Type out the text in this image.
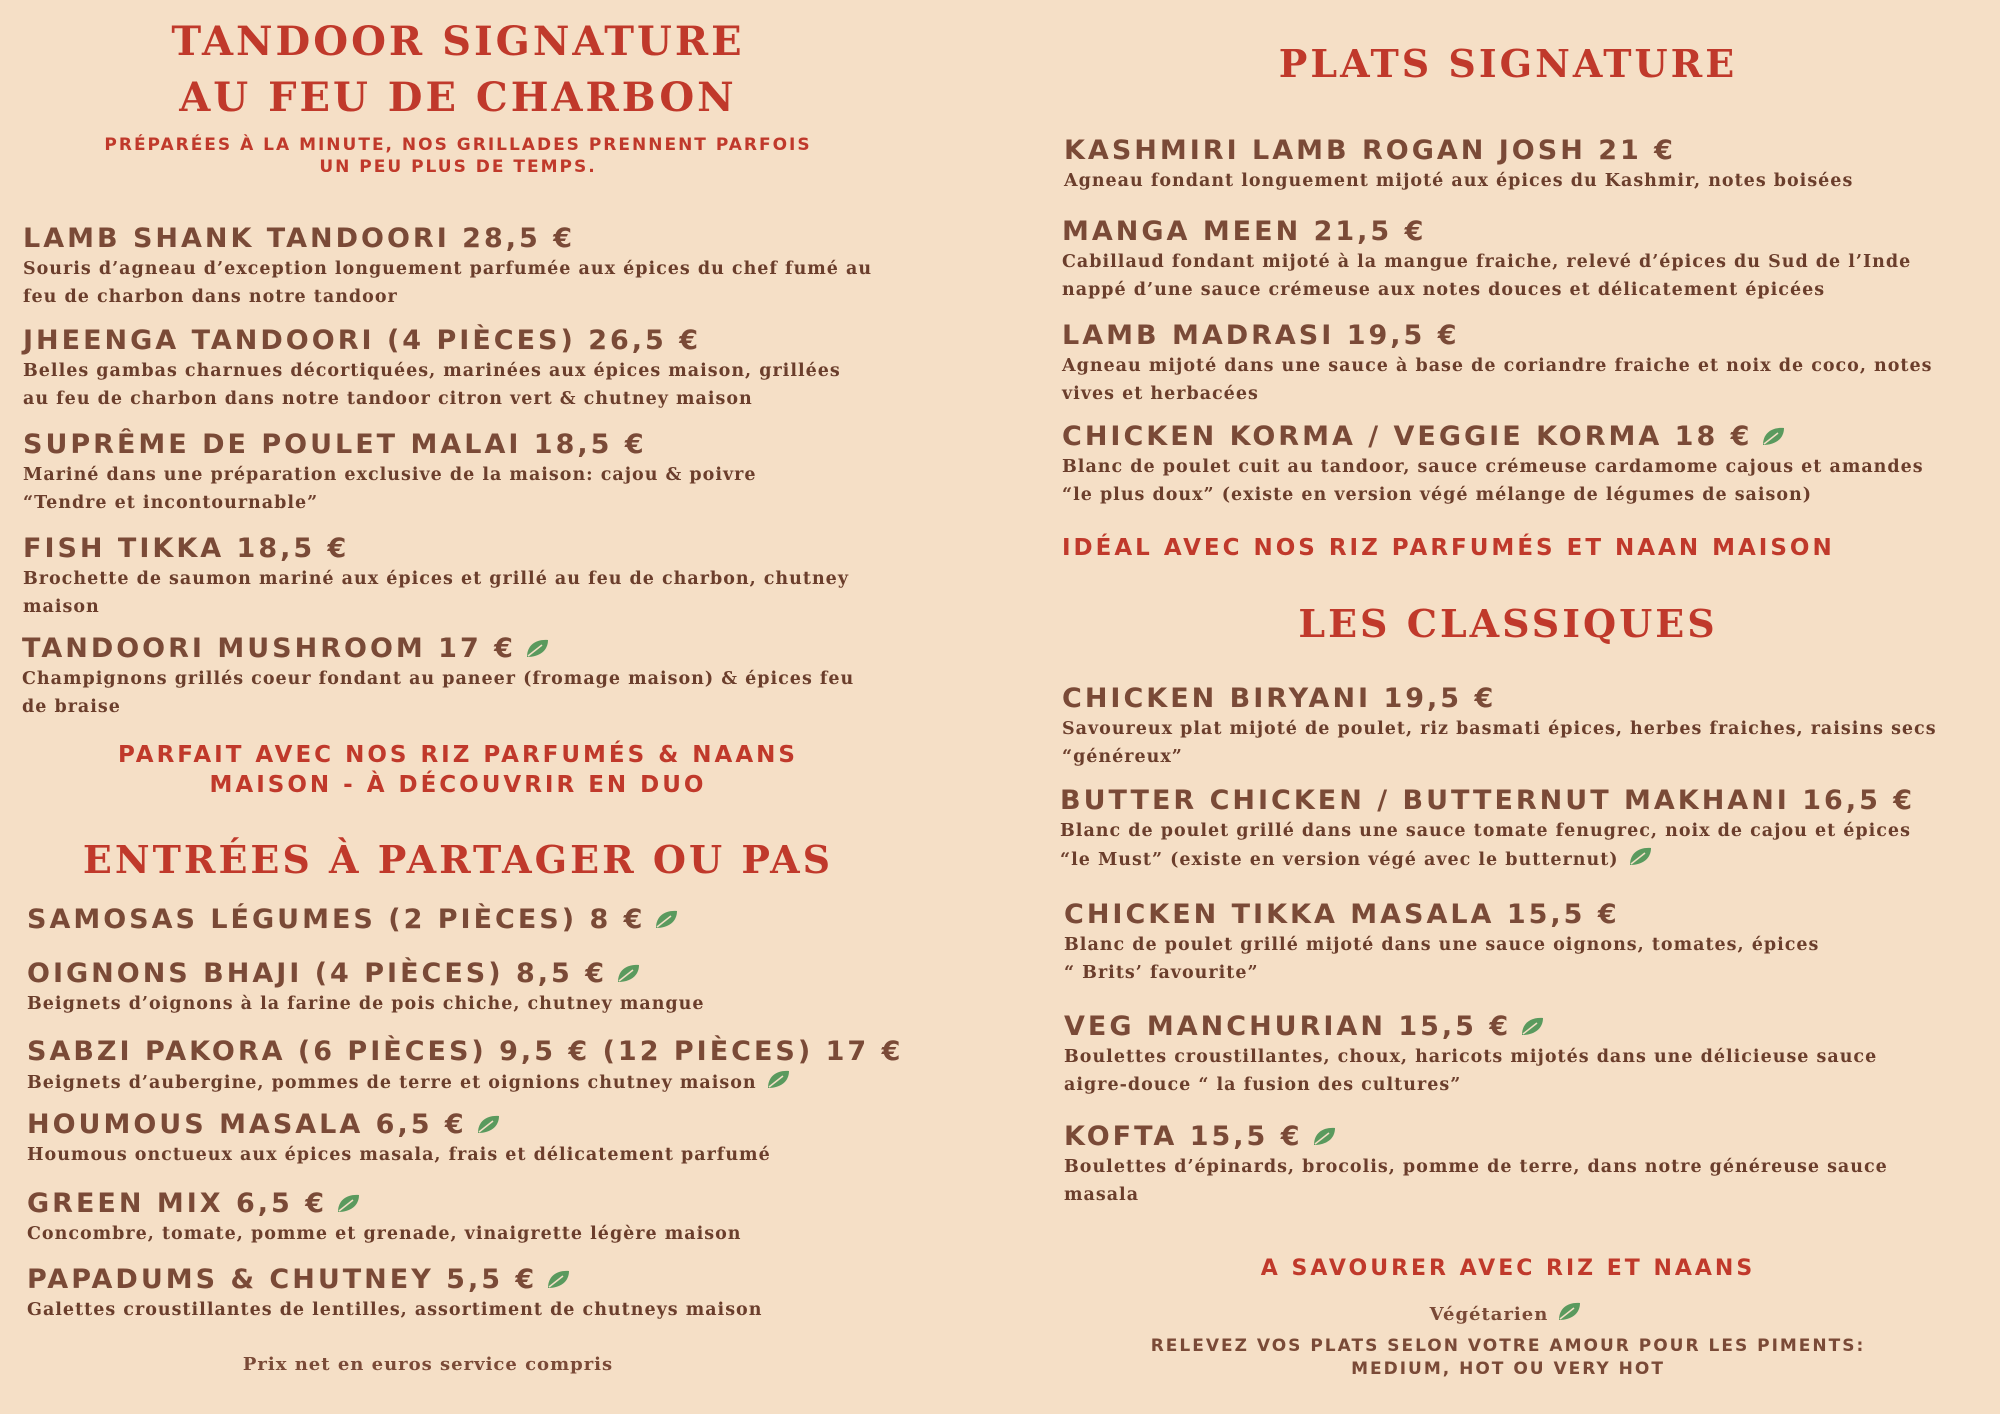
TANDOOR SIGNATURE
AU FEU DE CHARBON
PRÉPARÉES À LA MINUTE, NOS GRILLADES PRENNENT PARFOIS
UN PEU PLUS DE TEMPS.
LAMB SHANK TANDOORI 28,5 €
Souris d’agneau d’exception longuement parfumée aux épices du chef fumé au
feu de charbon dans notre tandoor
JHEENGA TANDOORI (4 PIÈCES) 26,5 €
Belles gambas charnues décortiquées, marinées aux épices maison, grillées
au feu de charbon dans notre tandoor citron vert & chutney maison
SUPRÊME DE POULET MALAI 18,5 €
Mariné dans une préparation exclusive de la maison: cajou & poivre
“Tendre et incontournable”
FISH TIKKA 18,5 €
Brochette de saumon mariné aux épices et grillé au feu de charbon, chutney
maison
TANDOORI MUSHROOM 17 €
Champignons grillés coeur fondant au paneer (fromage maison) & épices feu
de braise
PARFAIT AVEC NOS RIZ PARFUMÉS & NAANS
MAISON - À DÉCOUVRIR EN DUO
ENTRÉES À PARTAGER OU PAS
SAMOSAS LÉGUMES (2 PIÈCES) 8 €
OIGNONS BHAJI (4 PIÈCES) 8,5 €
Beignets d’oignons à la farine de pois chiche, chutney mangue
SABZI PAKORA (6 PIÈCES) 9,5 € (12 PIÈCES) 17 €
Beignets d’aubergine, pommes de terre et oignions chutney maison
HOUMOUS MASALA 6,5 €
Houmous onctueux aux épices masala, frais et délicatement parfumé
GREEN MIX 6,5 €
Concombre, tomate, pomme et grenade, vinaigrette légère maison
PAPADUMS & CHUTNEY 5,5 €
Galettes croustillantes de lentilles, assortiment de chutneys maison
Prix net en euros service compris
PLATS SIGNATURE
KASHMIRI LAMB ROGAN JOSH 21 €
Agneau fondant longuement mijoté aux épices du Kashmir, notes boisées
MANGA MEEN 21,5 €
Cabillaud fondant mijoté à la mangue fraiche, relevé d’épices du Sud de l’Inde
nappé d’une sauce crémeuse aux notes douces et délicatement épicées
LAMB MADRASI 19,5 €
Agneau mijoté dans une sauce à base de coriandre fraiche et noix de coco, notes
vives et herbacées
CHICKEN KORMA / VEGGIE KORMA 18 €
Blanc de poulet cuit au tandoor, sauce crémeuse cardamome cajous et amandes
“le plus doux” (existe en version végé mélange de légumes de saison)
IDÉAL AVEC NOS RIZ PARFUMÉS ET NAAN MAISON
LES CLASSIQUES
CHICKEN BIRYANI 19,5 €
Savoureux plat mijoté de poulet, riz basmati épices, herbes fraiches, raisins secs
“généreux”
BUTTER CHICKEN / BUTTERNUT MAKHANI 16,5 €
Blanc de poulet grillé dans une sauce tomate fenugrec, noix de cajou et épices
“le Must” (existe en version végé avec le butternut)
CHICKEN TIKKA MASALA 15,5 €
Blanc de poulet grillé mijoté dans une sauce oignons, tomates, épices
“ Brits’ favourite”
VEG MANCHURIAN 15,5 €
Boulettes croustillantes, choux, haricots mijotés dans une délicieuse sauce
aigre-douce “ la fusion des cultures”
KOFTA 15,5 €
Boulettes d’épinards, brocolis, pomme de terre, dans notre généreuse sauce
masala
A SAVOURER AVEC RIZ ET NAANS
Végétarien
RELEVEZ VOS PLATS SELON VOTRE AMOUR POUR LES PIMENTS:
MEDIUM, HOT OU VERY HOT
